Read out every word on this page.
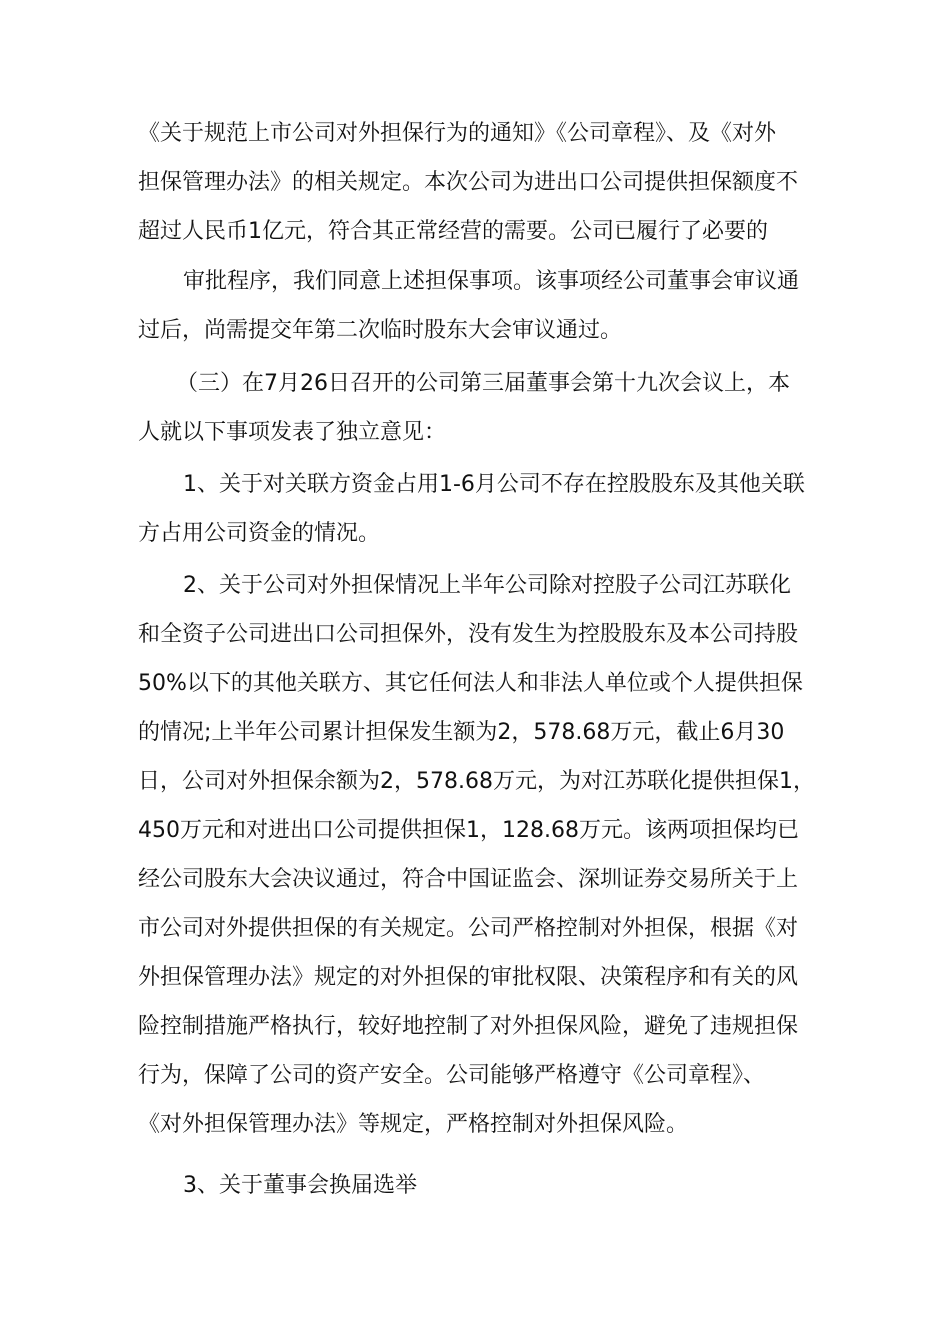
《关于规范上市公司对外担保行为的通知》《公司章程》、及《对外
担保管理办法》的相关规定。本次公司为进出口公司提供担保额度不
超过人民币1亿元，符合其正常经营的需要。公司已履行了必要的
审批程序，我们同意上述担保事项。该事项经公司董事会审议通
过后，尚需提交年第二次临时股东大会审议通过。
（三）在7月26日召开的公司第三届董事会第十九次会议上，本
人就以下事项发表了独立意见：
1、关于对关联方资金占用1-6月公司不存在控股股东及其他关联
方占用公司资金的情况。
2、关于公司对外担保情况上半年公司除对控股子公司江苏联化
和全资子公司进出口公司担保外，没有发生为控股股东及本公司持股
50%以下的其他关联方、其它任何法人和非法人单位或个人提供担保
的情况;上半年公司累计担保发生额为2，578.68万元，截止6月30
日，公司对外担保余额为2，578.68万元，为对江苏联化提供担保1，
450万元和对进出口公司提供担保1，128.68万元。该两项担保均已
经公司股东大会决议通过，符合中国证监会、深圳证券交易所关于上
市公司对外提供担保的有关规定。公司严格控制对外担保，根据《对
外担保管理办法》规定的对外担保的审批权限、决策程序和有关的风
险控制措施严格执行，较好地控制了对外担保风险，避免了违规担保
行为，保障了公司的资产安全。公司能够严格遵守《公司章程》、
《对外担保管理办法》等规定，严格控制对外担保风险。
3、关于董事会换届选举
